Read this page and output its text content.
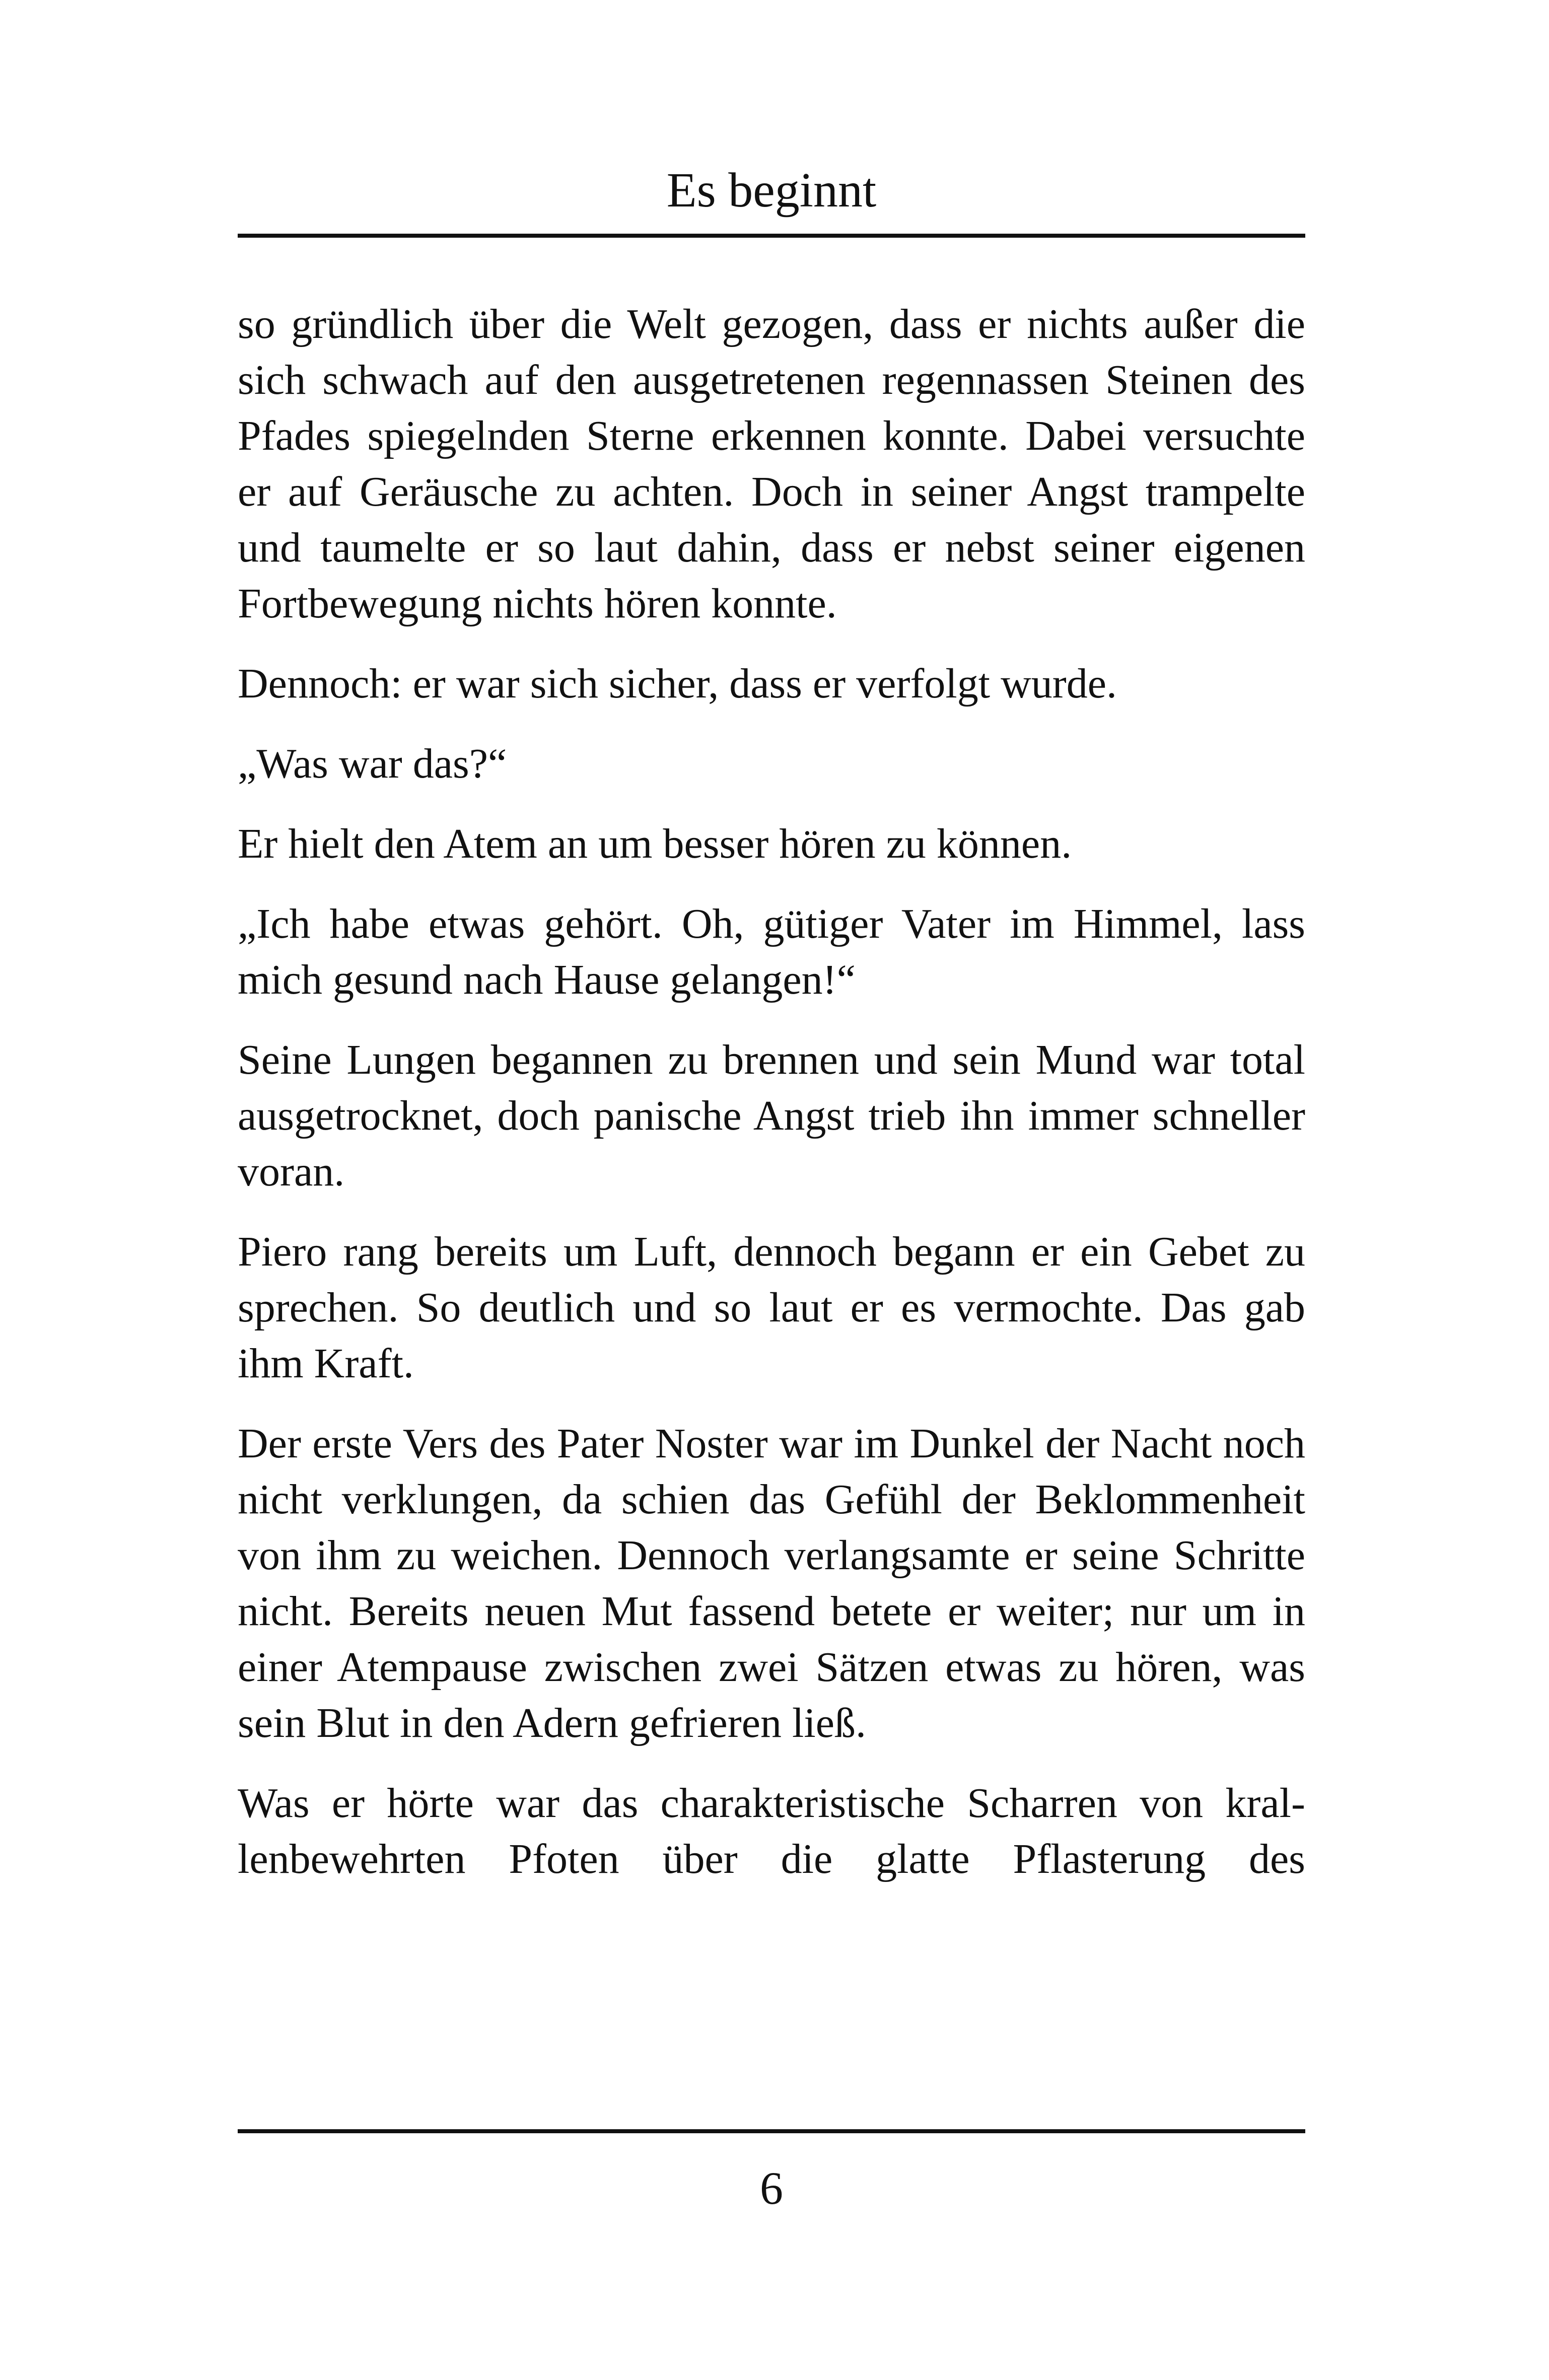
Es beginnt

so gründlich über die Welt gezogen, dass er nichts außer die sich schwach auf den ausgetretenen regennassen Steinen des Pfades spiegelnden Sterne erkennen konnte. Dabei versuchte er auf Geräusche zu achten. Doch in seiner Angst trampelte und taumelte er so laut dahin, dass er nebst seiner eigenen Fortbewegung nichts hören konnte.

Dennoch: er war sich sicher, dass er verfolgt wurde.

„Was war das?“

Er hielt den Atem an um besser hören zu können.

„Ich habe etwas gehört. Oh, gütiger Vater im Himmel, lass mich gesund nach Hause gelangen!“

Seine Lungen begannen zu brennen und sein Mund war total ausgetrocknet, doch panische Angst trieb ihn immer schneller voran.

Piero rang bereits um Luft, dennoch begann er ein Gebet zu sprechen. So deutlich und so laut er es vermochte. Das gab ihm Kraft.

Der erste Vers des Pater Noster war im Dunkel der Nacht noch nicht verklungen, da schien das Gefühl der Beklommenheit von ihm zu weichen. Dennoch verlangsamte er seine Schritte nicht. Bereits neuen Mut fassend betete er weiter; nur um in einer Atempause zwischen zwei Sätzen etwas zu hören, was sein Blut in den Adern gefrieren ließ.

Was er hörte war das charakteristische Scharren von kral-lenbewehrten Pfoten über die glatte Pflasterung des

6
